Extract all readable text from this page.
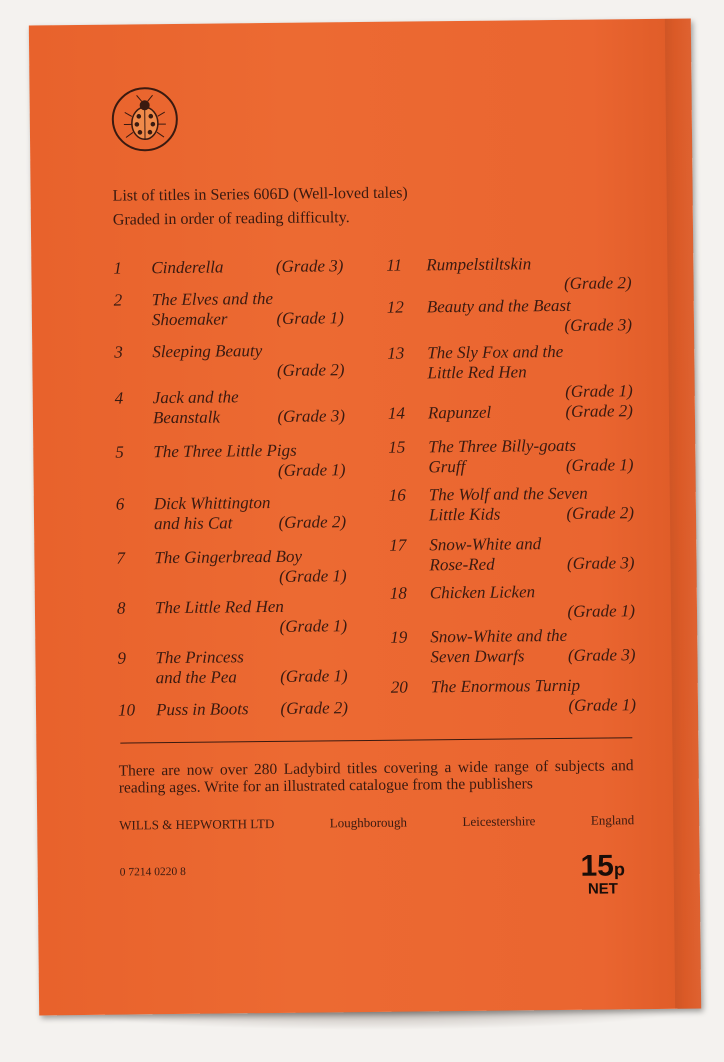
List of titles in Series 606D (Well-loved tales)
Graded in order of reading difficulty.
1 Cinderella	(Grade 3)
2 The Elves and the
Shoemaker	(Grade 1)
3 Sleeping Beauty
(Grade 2)
4 Jack and the
Beanstalk	(Grade 3)
5 The Three Little Pigs
(Grade 1)
6 Dick Whittington
and his Cat	(Grade 2)
7 The Gingerbread Boy
(Grade 1)
8 The Little Red Hen
(Grade 1)
9 The Princess
and the Pea	(Grade 1)
10 Puss in Boots	(Grade 2)
11 Rumpelstiltskin
(Grade 2)
12 Beauty and the Beast
(Grade 3)
13 The Sly Fox and the
Little Red Hen
(Grade 1)
14 Rapunzel	(Grade 2)
15 The Three Billy-goats
Gruff	(Grade 1)
16 The Wolf and the Seven
Little Kids	(Grade 2)
17 Snow-White and
Rose-Red	(Grade 3)
18 Chicken Licken
(Grade 1)
19 Snow-White and the
Seven Dwarfs	(Grade 3)
20 The Enormous Turnip
(Grade 1)
There are now over 280 Ladybird titles covering a wide range of subjects and reading ages. Write for an illustrated catalogue from the publishers
WILLS & HEPWORTH LTD	Loughborough	Leicestershire	England
0 7214 0220 8	15p
NET
